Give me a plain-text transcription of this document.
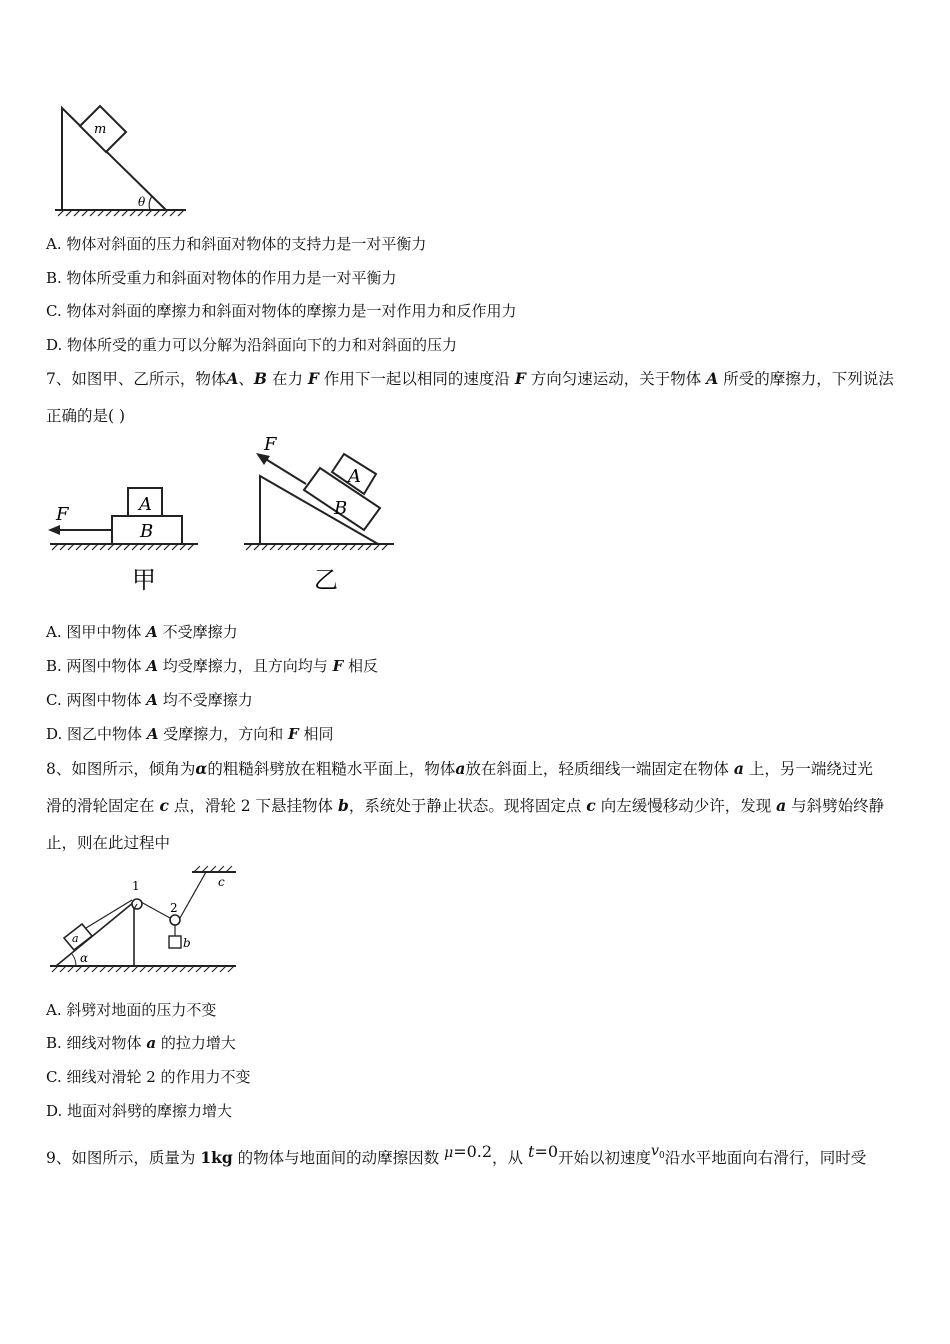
m
θ
A. 物体对斜面的压力和斜面对物体的支持力是一对平衡力
B. 物体所受重力和斜面对物体的作用力是一对平衡力
C. 物体对斜面的摩擦力和斜面对物体的摩擦力是一对作用力和反作用力
D. 物体所受的重力可以分解为沿斜面向下的力和对斜面的压力
7、如图甲、乙所示，物体A、B 在力 F 作用下一起以相同的速度沿 F 方向匀速运动，关于物体 A 所受的摩擦力，下列说法
正确的是( )
B
A
F
甲
B
A
F
乙
A. 图甲中物体 A 不受摩擦力
B. 两图中物体 A 均受摩擦力，且方向均与 F 相反
C. 两图中物体 A 均不受摩擦力
D. 图乙中物体 A 受摩擦力，方向和 F 相同
8、如图所示，倾角为α的粗糙斜劈放在粗糙水平面上，物体a放在斜面上，轻质细线一端固定在物体 a 上，另一端绕过光
滑的滑轮固定在 c 点，滑轮 2 下悬挂物体 b，系统处于静止状态。现将固定点 c 向左缓慢移动少许，发现 a 与斜劈始终静
止，则在此过程中
a
1
2
b
c
α
A. 斜劈对地面的压力不变
B. 细线对物体 a 的拉力增大
C. 细线对滑轮 2 的作用力不变
D. 地面对斜劈的摩擦力增大
9、如图所示，质量为 1kg 的物体与地面间的动摩擦因数 μ=0.2，从 t=0开始以初速度$v^0$沿水平地面向右滑行，同时受
